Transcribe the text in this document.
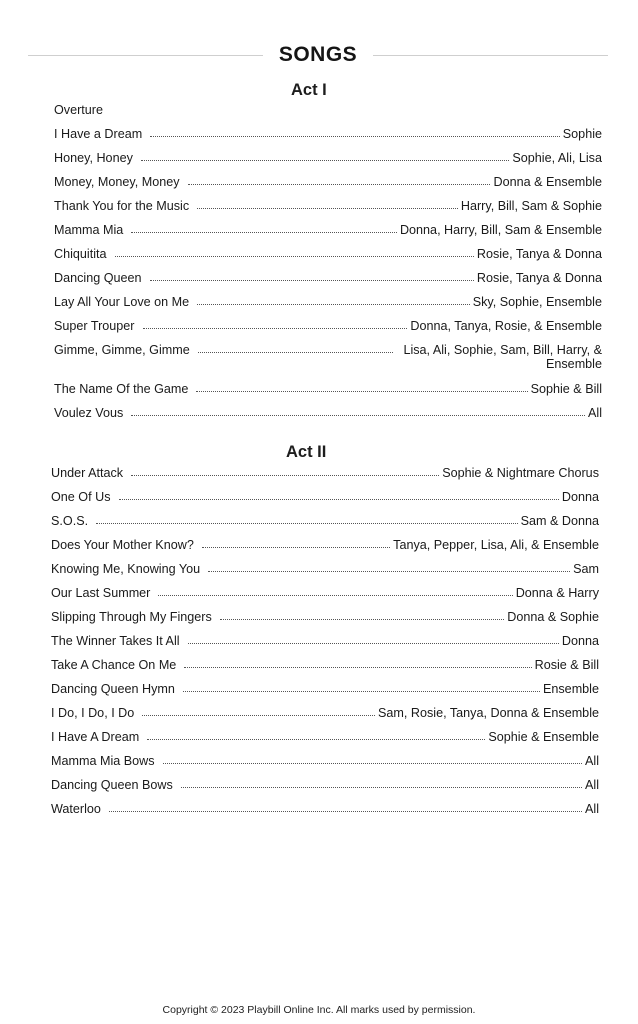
SONGS
Act I
Overture
I Have a Dream	Sophie
Honey, Honey	Sophie, Ali, Lisa
Money, Money, Money	Donna & Ensemble
Thank You for the Music	Harry, Bill, Sam & Sophie
Mamma Mia	Donna, Harry, Bill, Sam & Ensemble
Chiquitita	Rosie, Tanya & Donna
Dancing Queen	Rosie, Tanya & Donna
Lay All Your Love on Me	Sky, Sophie, Ensemble
Super Trouper	Donna, Tanya, Rosie, & Ensemble
Gimme, Gimme, Gimme	Lisa, Ali, Sophie, Sam, Bill, Harry, & Ensemble
The Name Of the Game	Sophie & Bill
Voulez Vous	All
Act II
Under Attack	Sophie & Nightmare Chorus
One Of Us	Donna
S.O.S.	Sam & Donna
Does Your Mother Know?	Tanya, Pepper, Lisa, Ali, & Ensemble
Knowing Me, Knowing You	Sam
Our Last Summer	Donna & Harry
Slipping Through My Fingers	Donna & Sophie
The Winner Takes It All	Donna
Take A Chance On Me	Rosie & Bill
Dancing Queen Hymn	Ensemble
I Do, I Do, I Do	Sam, Rosie, Tanya, Donna & Ensemble
I Have A Dream	Sophie & Ensemble
Mamma Mia Bows	All
Dancing Queen Bows	All
Waterloo	All
Copyright © 2023 Playbill Online Inc. All marks used by permission.
